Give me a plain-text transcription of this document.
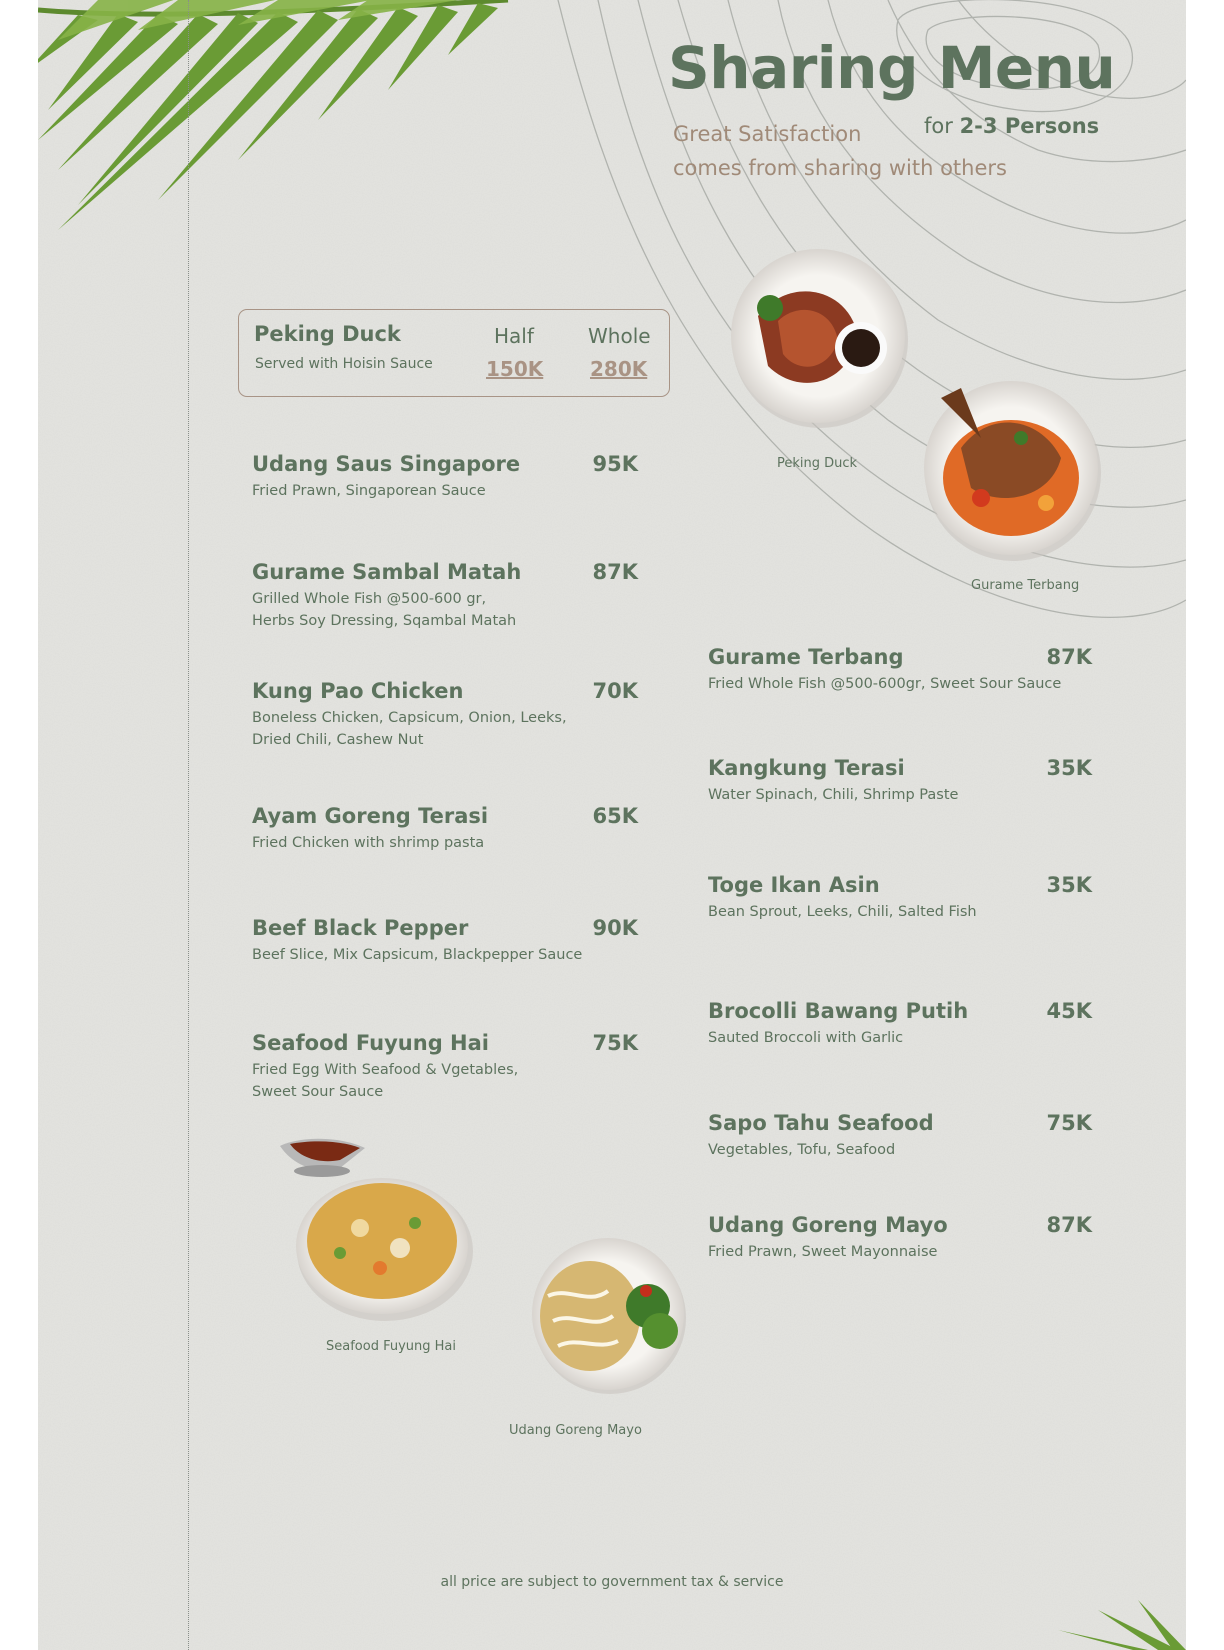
Sharing Menu
for 2-3 Persons
Great Satisfaction
comes from sharing with others
Peking Duck
Served with Hoisin Sauce
Half	Whole
150K 280K
Udang Saus Singapore
Fried Prawn, Singaporean Sauce
95K
Gurame Sambal Matah
Grilled Whole Fish @500-600 gr,
Herbs Soy Dressing, Sqambal Matah
87K
Kung Pao Chicken
Boneless Chicken, Capsicum, Onion, Leeks,
Dried Chili, Cashew Nut
70K
Ayam Goreng Terasi
Fried Chicken with shrimp pasta
65K
Beef Black Pepper
Beef Slice, Mix Capsicum, Blackpepper Sauce
90K
Seafood Fuyung Hai
Fried Egg With Seafood & Vgetables,
Sweet Sour Sauce
75K
Gurame Terbang
Fried Whole Fish @500-600gr, Sweet Sour Sauce
87K
Kangkung Terasi
Water Spinach, Chili, Shrimp Paste
35K
Toge Ikan Asin
Bean Sprout, Leeks, Chili, Salted Fish
35K
Brocolli Bawang Putih
Sauted Broccoli with Garlic
45K
Sapo Tahu Seafood
Vegetables, Tofu, Seafood
75K
Udang Goreng Mayo
Fried Prawn, Sweet Mayonnaise
87K
Peking Duck
Gurame Terbang
Seafood Fuyung Hai
Udang Goreng Mayo
all price are subject to government tax & service
